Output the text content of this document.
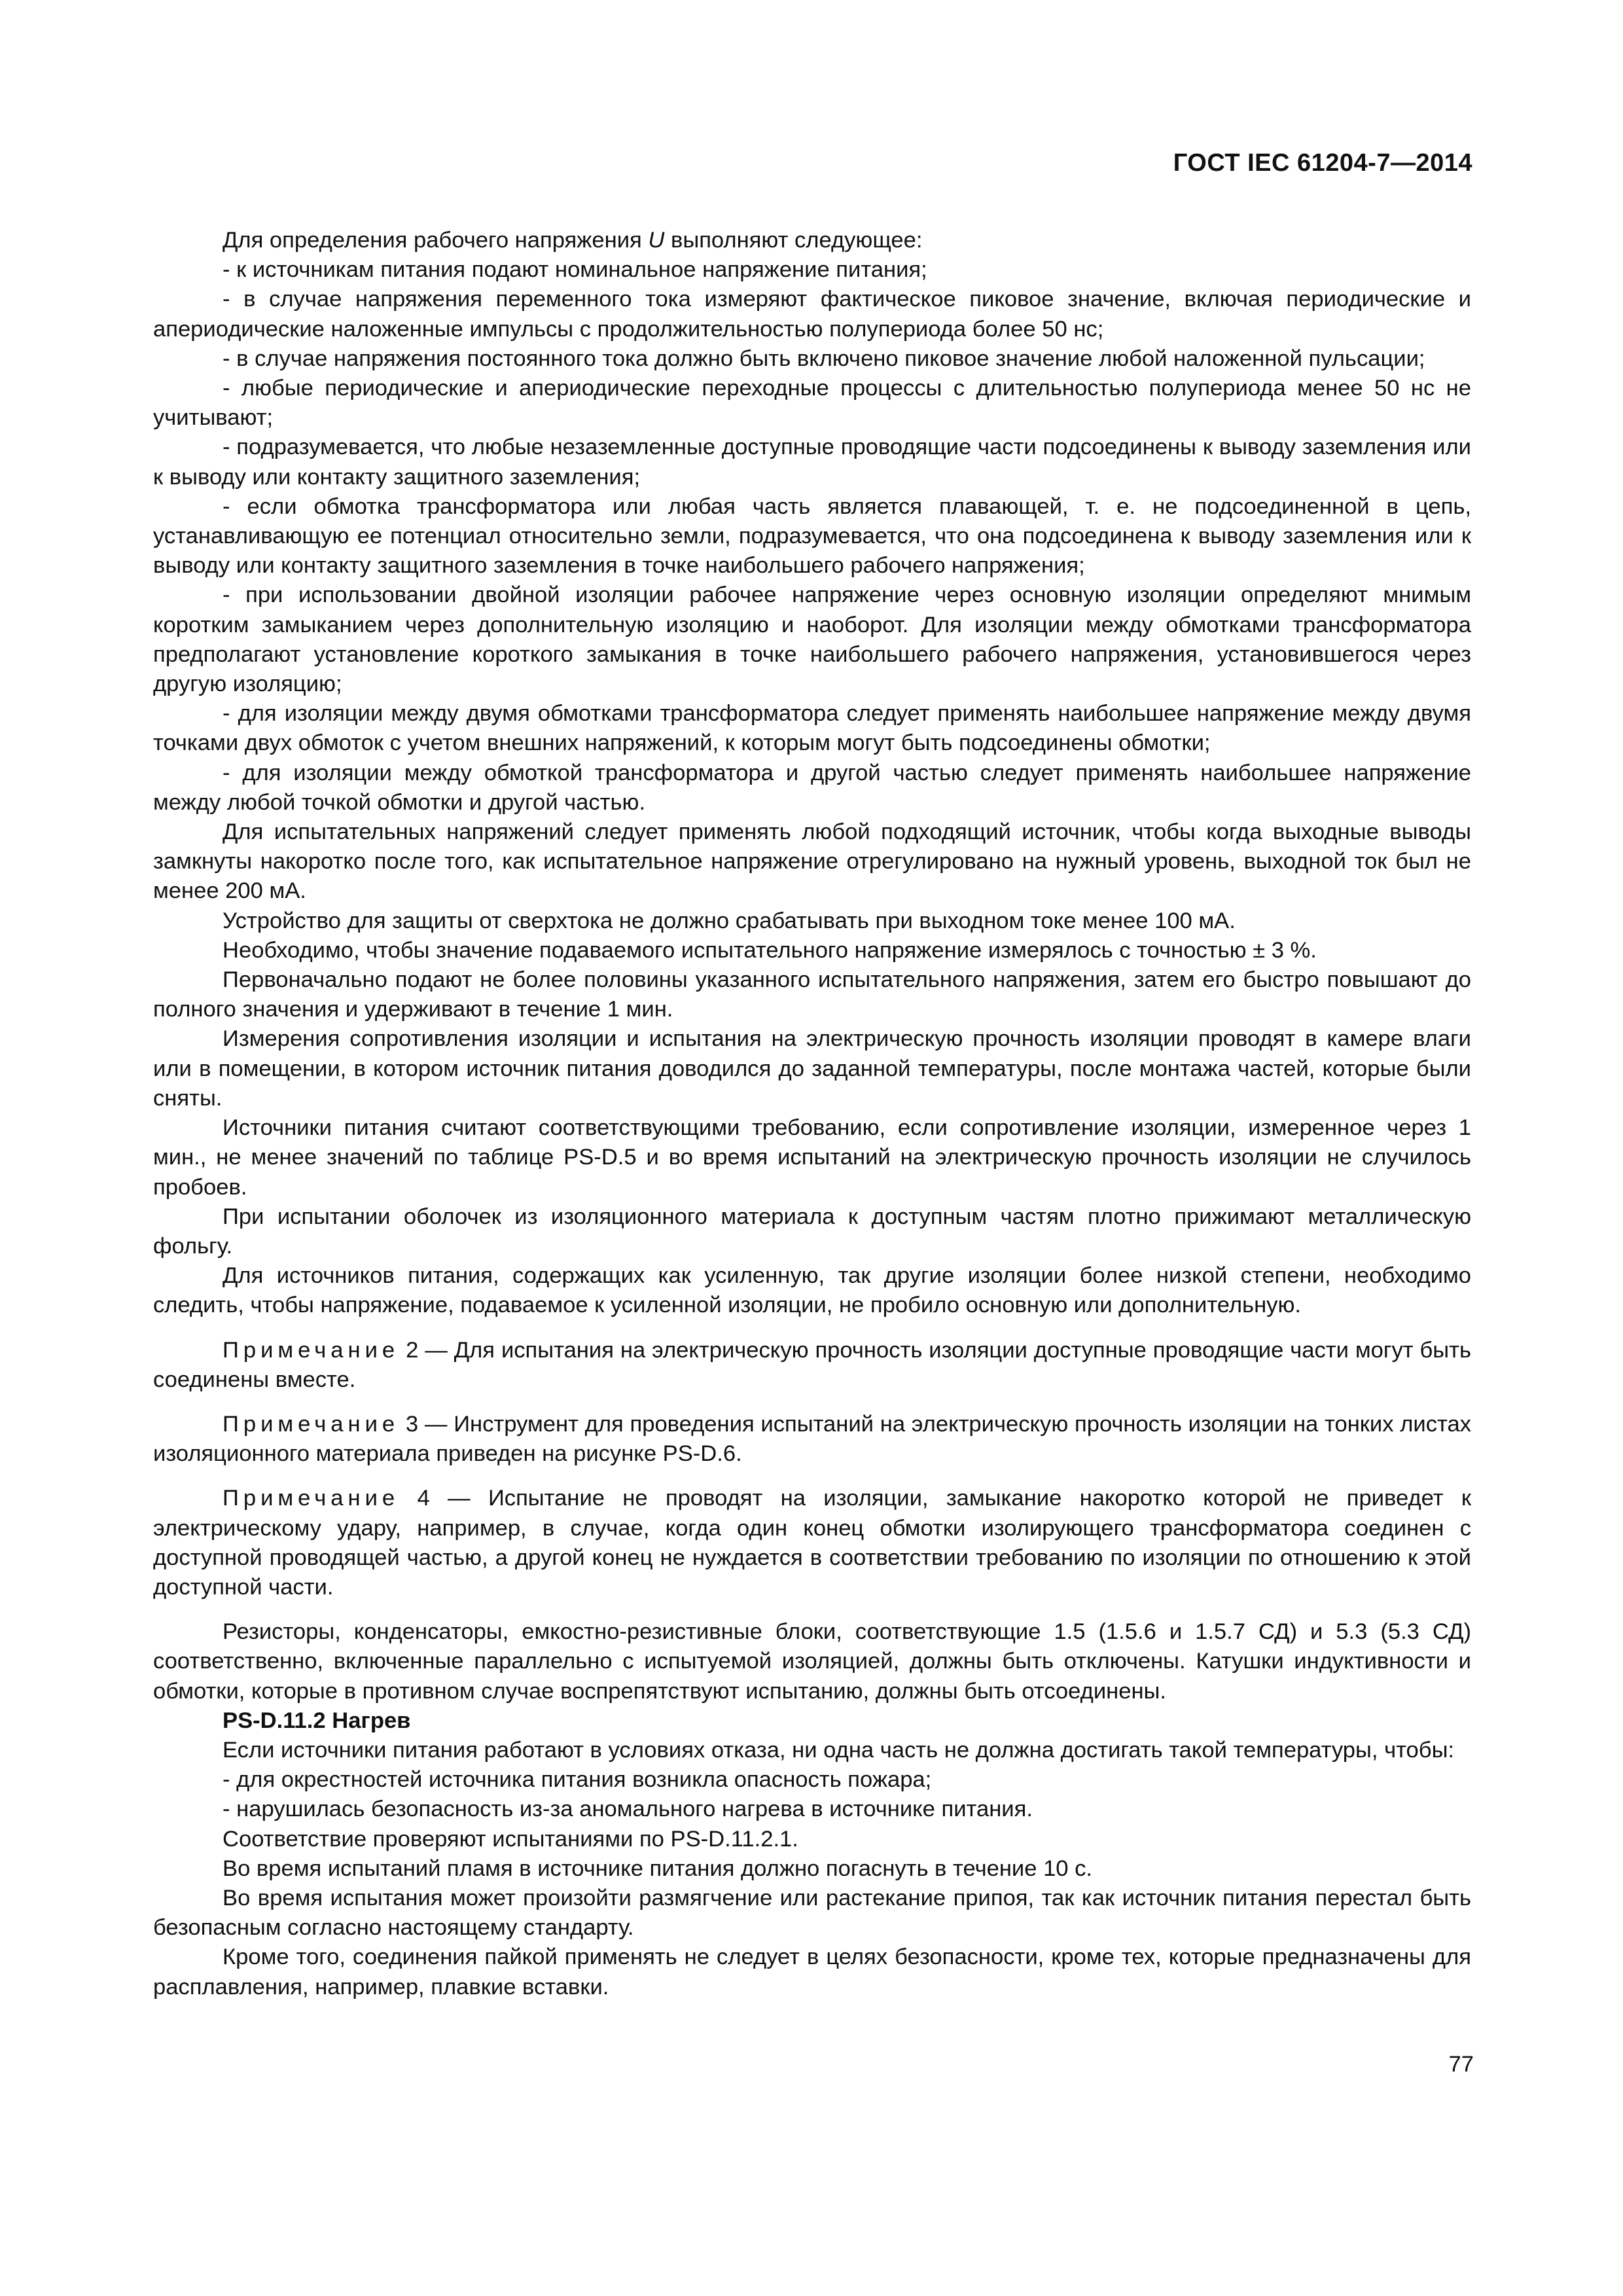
ГОСТ IEC 61204-7—2014

Для определения рабочего напряжения U выполняют следующее:

- к источникам питания подают номинальное напряжение питания;

- в случае напряжения переменного тока измеряют фактическое пиковое значение, включая периодические и апериодические наложенные импульсы с продолжительностью полупериода более 50 нс;

- в случае напряжения постоянного тока должно быть включено пиковое значение любой наложенной пульсации;

- любые периодические и апериодические переходные процессы с длительностью полупериода менее 50 нс не учитывают;

- подразумевается, что любые незаземленные доступные проводящие части подсоединены к выводу заземления или к выводу или контакту защитного заземления;

- если обмотка трансформатора или любая часть является плавающей, т. е. не подсоединенной в цепь, устанавливающую ее потенциал относительно земли, подразумевается, что она подсоединена к выводу заземления или к выводу или контакту защитного заземления в точке наибольшего рабочего напряжения;

- при использовании двойной изоляции рабочее напряжение через основную изоляции определяют мнимым коротким замыканием через дополнительную изоляцию и наоборот. Для изоляции между обмотками трансформатора предполагают установление короткого замыкания в точке наибольшего рабочего напряжения, установившегося через другую изоляцию;

- для изоляции между двумя обмотками трансформатора следует применять наибольшее напряжение между двумя точками двух обмоток с учетом внешних напряжений, к которым могут быть подсоединены обмотки;

- для изоляции между обмоткой трансформатора и другой частью следует применять наибольшее напряжение между любой точкой обмотки и другой частью.

Для испытательных напряжений следует применять любой подходящий источник, чтобы когда выходные выводы замкнуты накоротко после того, как испытательное напряжение отрегулировано на нужный уровень, выходной ток был не менее 200 мА.

Устройство для защиты от сверхтока не должно срабатывать при выходном токе менее 100 мА.

Необходимо, чтобы значение подаваемого испытательного напряжение измерялось с точностью ± 3 %.

Первоначально подают не более половины указанного испытательного напряжения, затем его быстро повышают до полного значения и удерживают в течение 1 мин.

Измерения сопротивления изоляции и испытания на электрическую прочность изоляции проводят в камере влаги или в помещении, в котором источник питания доводился до заданной температуры, после монтажа частей, которые были сняты.

Источники питания считают соответствующими требованию, если сопротивление изоляции, измеренное через 1 мин., не менее значений по таблице PS-D.5 и во время испытаний на электрическую прочность изоляции не случилось пробоев.

При испытании оболочек из изоляционного материала к доступным частям плотно прижимают металлическую фольгу.

Для источников питания, содержащих как усиленную, так другие изоляции более низкой степени, необходимо следить, чтобы напряжение, подаваемое к усиленной изоляции, не пробило основную или дополнительную.

Примечание 2 — Для испытания на электрическую прочность изоляции доступные проводящие части могут быть соединены вместе.

Примечание 3 — Инструмент для проведения испытаний на электрическую прочность изоляции на тонких листах изоляционного материала приведен на рисунке PS-D.6.

Примечание 4 — Испытание не проводят на изоляции, замыкание накоротко которой не приведет к электрическому удару, например, в случае, когда один конец обмотки изолирующего трансформатора соединен с доступной проводящей частью, а другой конец не нуждается в соответствии требованию по изоляции по отношению к этой доступной части.

Резисторы, конденсаторы, емкостно-резистивные блоки, соответствующие 1.5 (1.5.6 и 1.5.7 СД) и 5.3 (5.3 СД) соответственно, включенные параллельно с испытуемой изоляцией, должны быть отключены. Катушки индуктивности и обмотки, которые в противном случае воспрепятствуют испытанию, должны быть отсоединены.

PS-D.11.2 Нагрев

Если источники питания работают в условиях отказа, ни одна часть не должна достигать такой температуры, чтобы:

- для окрестностей источника питания возникла опасность пожара;

- нарушилась безопасность из-за аномального нагрева в источнике питания.

Соответствие проверяют испытаниями по PS-D.11.2.1.

Во время испытаний пламя в источнике питания должно погаснуть в течение 10 с.

Во время испытания может произойти размягчение или растекание припоя, так как источник питания перестал быть безопасным согласно настоящему стандарту.

Кроме того, соединения пайкой применять не следует в целях безопасности, кроме тех, которые предназначены для расплавления, например, плавкие вставки.

77
